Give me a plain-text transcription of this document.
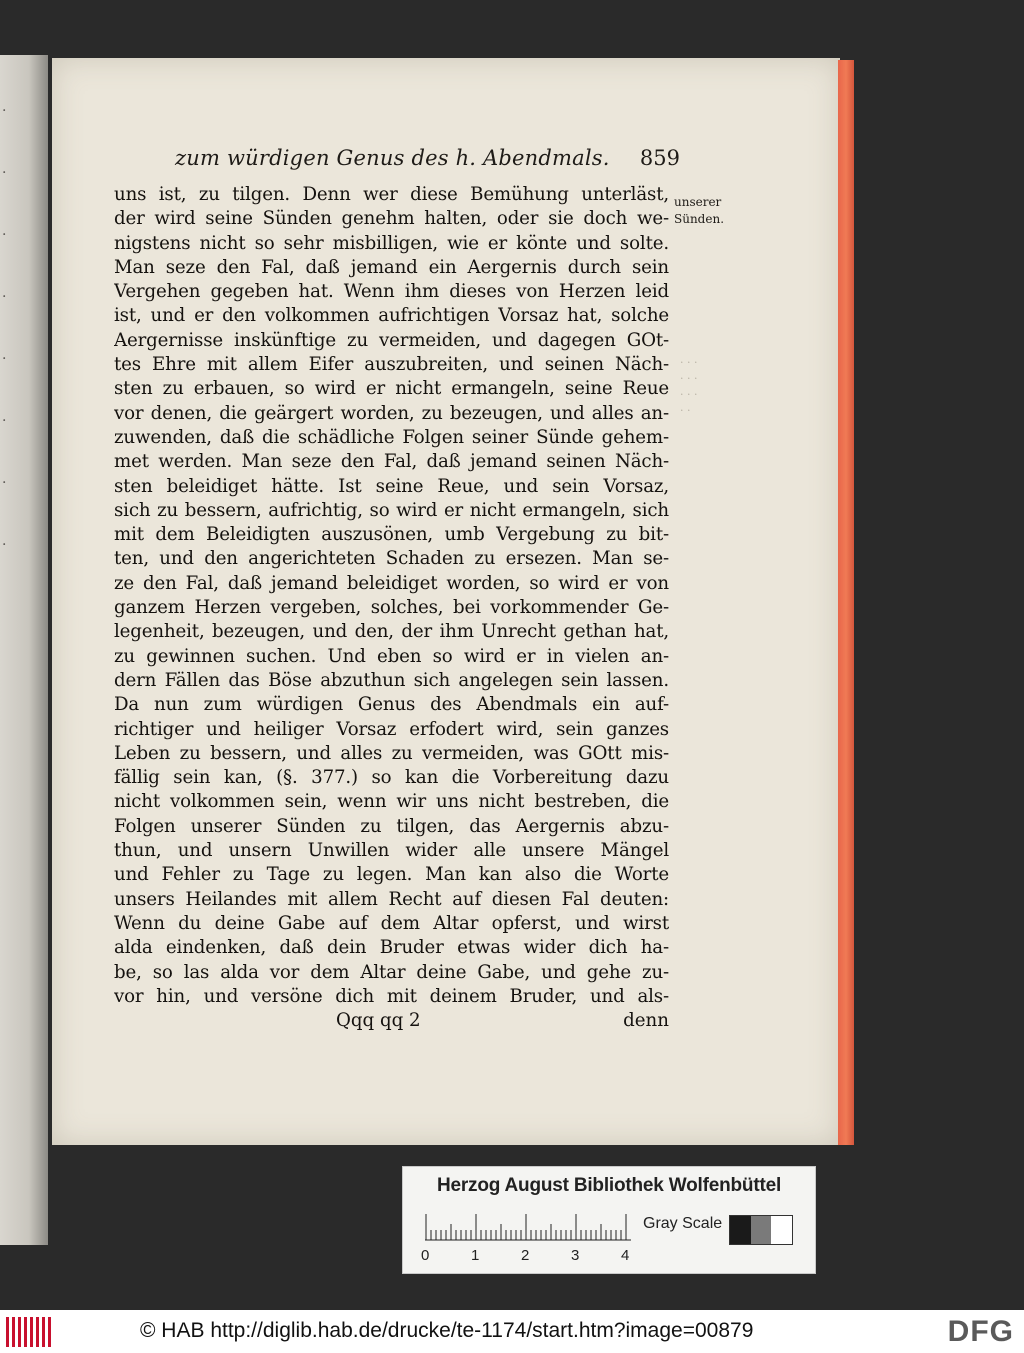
·
·
·
·
·
·
·
·
zum würdigen Genus des h. Abendmals. 859
unserer
Sünden.
· · ·
· · ·
· · ·
· ·
uns ist, zu tilgen. Denn wer diese Bemühung unterläst,
der wird seine Sünden genehm halten, oder sie doch we-
nigstens nicht so sehr misbilligen, wie er könte und solte.
Man seze den Fal, daß jemand ein Aergernis durch sein
Vergehen gegeben hat. Wenn ihm dieses von Herzen leid
ist, und er den volkommen aufrichtigen Vorsaz hat, solche
Aergernisse inskünftige zu vermeiden, und dagegen GOt-
tes Ehre mit allem Eifer auszubreiten, und seinen Näch-
sten zu erbauen, so wird er nicht ermangeln, seine Reue
vor denen, die geärgert worden, zu bezeugen, und alles an-
zuwenden, daß die schädliche Folgen seiner Sünde gehem-
met werden. Man seze den Fal, daß jemand seinen Näch-
sten beleidiget hätte. Ist seine Reue, und sein Vorsaz,
sich zu bessern, aufrichtig, so wird er nicht ermangeln, sich
mit dem Beleidigten auszusönen, umb Vergebung zu bit-
ten, und den angerichteten Schaden zu ersezen. Man se-
ze den Fal, daß jemand beleidiget worden, so wird er von
ganzem Herzen vergeben, solches, bei vorkommender Ge-
legenheit, bezeugen, und den, der ihm Unrecht gethan hat,
zu gewinnen suchen. Und eben so wird er in vielen an-
dern Fällen das Böse abzuthun sich angelegen sein lassen.
Da nun zum würdigen Genus des Abendmals ein auf-
richtiger und heiliger Vorsaz erfodert wird, sein ganzes
Leben zu bessern, und alles zu vermeiden, was GOtt mis-
fällig sein kan, (§. 377.) so kan die Vorbereitung dazu
nicht volkommen sein, wenn wir uns nicht bestreben, die
Folgen unserer Sünden zu tilgen, das Aergernis abzu-
thun, und unsern Unwillen wider alle unsere Mängel
und Fehler zu Tage zu legen. Man kan also die Worte
unsers Heilandes mit allem Recht auf diesen Fal deuten:
Wenn du deine Gabe auf dem Altar opferst, und wirst
alda eindenken, daß dein Bruder etwas wider dich ha-
be, so las alda vor dem Altar deine Gabe, und gehe zu-
vor hin, und versöne dich mit deinem Bruder, und als-
Qqq qq 2	denn
Herzog August Bibliothek Wolfenbüttel
0	1	2	3	4
Gray Scale
© HAB http://diglib.hab.de/drucke/te-1174/start.htm?image=00879	DFG
